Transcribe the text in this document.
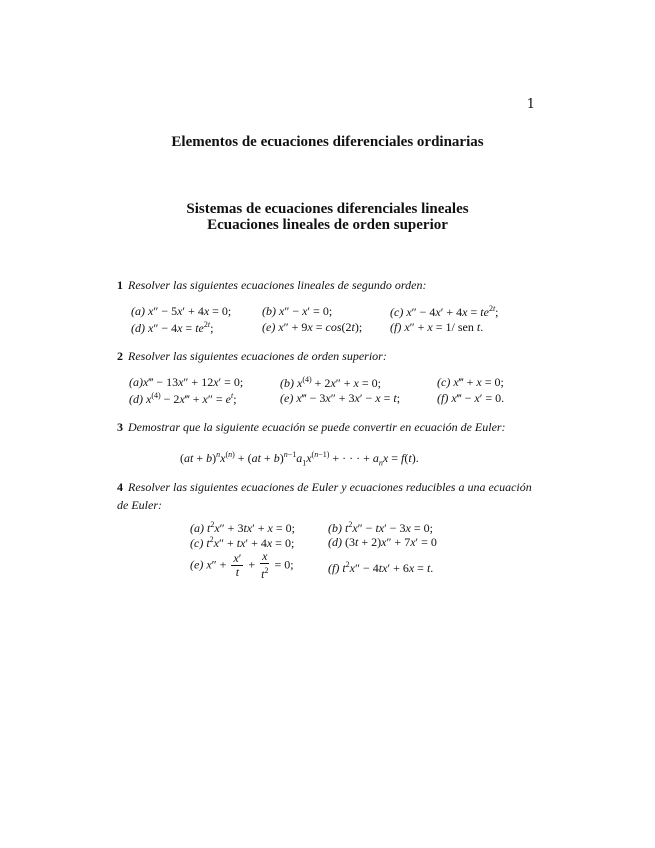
1
Elementos de ecuaciones diferenciales ordinarias
Sistemas de ecuaciones diferenciales lineales
Ecuaciones lineales de orden superior
1 Resolver las siguientes ecuaciones lineales de segundo orden:
(a) x″ − 5x′ + 4x = 0;	(b) x″ − x′ = 0;	(c) $x'' - 4x' + 4x = te^{2t}$;
(d) $x'' - 4x = te^{2t}$;	(e) x″ + 9x = cos(2t); (f) x″ + x = 1/ sen t.
2 Resolver las siguientes ecuaciones de orden superior:
(a)x‴ − 13x″ + 12x′ = 0;	(b) $x^{(4)} + 2x'' + x = 0$;	(c) x‴ + x = 0;
(d) $x^{(4)}$ − 2x‴ + $x'' = e^t$;	(e) x‴ − 3x″ + 3x′ − x = t;	(f) x‴ − x′ = 0.
3 Demostrar que la siguiente ecuación se puede convertir en ecuación de Euler:
$(at + b)^nx^{(n)} + (at + b)^{n-1}a_1x^{(n-1)}$ + · · · + $a_nx = f(t)$.
4 Resolver las siguientes ecuaciones de Euler y ecuaciones reducibles a una ecuación de Euler:
(a) $t^2x'' + 3tx' + x = 0$;	(b) $t^2x'' - tx' - 3x = 0$;
(c) $t^2x'' + tx' + 4x = 0$;	(d) (3t + 2)x″ + 7x′ = 0
(e) $x'' + \frac{x'}{t} + \frac{x}{t^2} = 0$;	(f) $t^2x'' - 4tx' + 6x = t$.
